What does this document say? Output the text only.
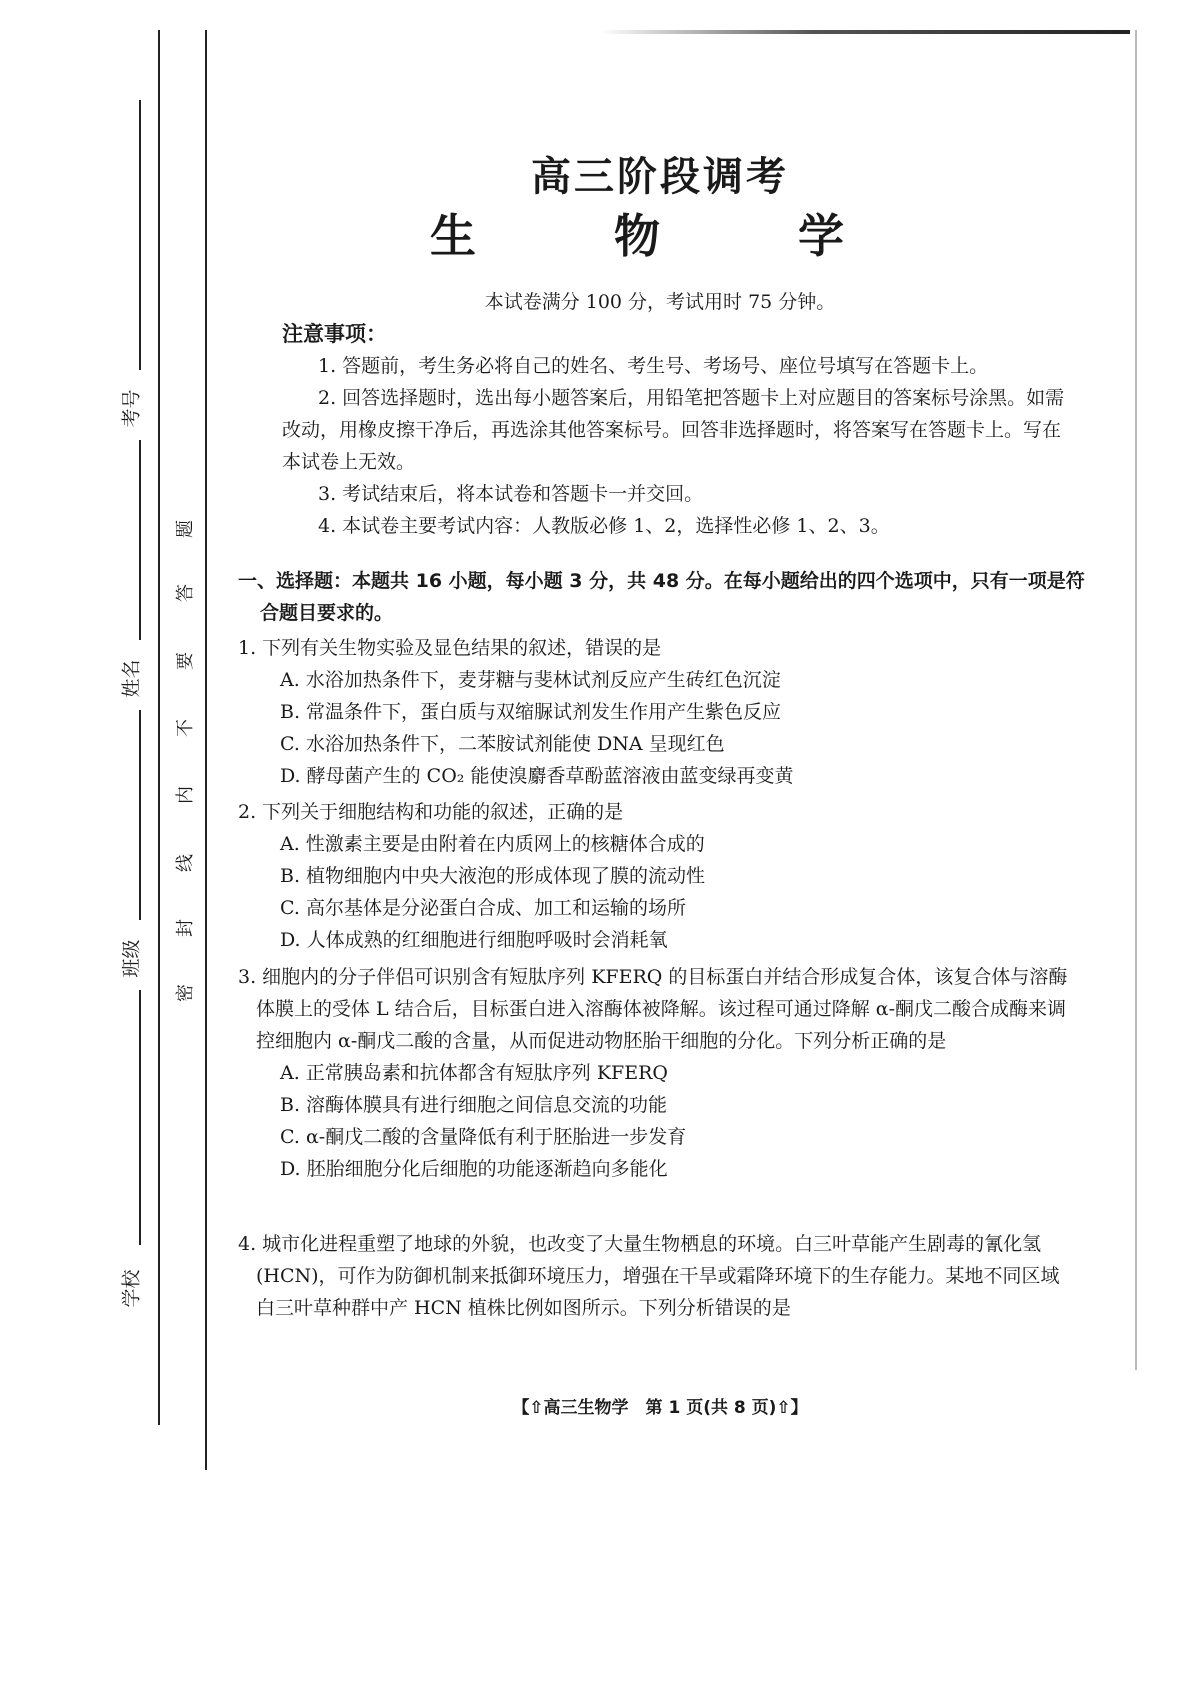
考号
姓名
班级
学校
题
答
要
不
内
线
封
密
高三阶段调考
生　物　学
本试卷满分 100 分，考试用时 75 分钟。
注意事项：

1. 答题前，考生务必将自己的姓名、考生号、考场号、座位号填写在答题卡上。

2. 回答选择题时，选出每小题答案后，用铅笔把答题卡上对应题目的答案标号涂黑。如需改动，用橡皮擦干净后，再选涂其他答案标号。回答非选择题时，将答案写在答题卡上。写在本试卷上无效。

3. 考试结束后，将本试卷和答题卡一并交回。

4. 本试卷主要考试内容：人教版必修 1、2，选择性必修 1、2、3。

一、选择题：本题共 16 小题，每小题 3 分，共 48 分。在每小题给出的四个选项中，只有一项是符合题目要求的。

1. 下列有关生物实验及显色结果的叙述，错误的是

A. 水浴加热条件下，麦芽糖与斐林试剂反应产生砖红色沉淀

B. 常温条件下，蛋白质与双缩脲试剂发生作用产生紫色反应

C. 水浴加热条件下，二苯胺试剂能使 DNA 呈现红色

D. 酵母菌产生的 CO₂ 能使溴麝香草酚蓝溶液由蓝变绿再变黄

2. 下列关于细胞结构和功能的叙述，正确的是

A. 性激素主要是由附着在内质网上的核糖体合成的

B. 植物细胞内中央大液泡的形成体现了膜的流动性

C. 高尔基体是分泌蛋白合成、加工和运输的场所

D. 人体成熟的红细胞进行细胞呼吸时会消耗氧

3. 细胞内的分子伴侣可识别含有短肽序列 KFERQ 的目标蛋白并结合形成复合体，该复合体与溶酶体膜上的受体 L 结合后，目标蛋白进入溶酶体被降解。该过程可通过降解 α-酮戊二酸合成酶来调控细胞内 α-酮戊二酸的含量，从而促进动物胚胎干细胞的分化。下列分析正确的是

A. 正常胰岛素和抗体都含有短肽序列 KFERQ

B. 溶酶体膜具有进行细胞之间信息交流的功能

C. α-酮戊二酸的含量降低有利于胚胎进一步发育

D. 胚胎细胞分化后细胞的功能逐渐趋向多能化

4. 城市化进程重塑了地球的外貌，也改变了大量生物栖息的环境。白三叶草能产生剧毒的氰化氢(HCN)，可作为防御机制来抵御环境压力，增强在干旱或霜降环境下的生存能力。某地不同区域白三叶草种群中产 HCN 植株比例如图所示。下列分析错误的是

【⇧高三生物学　第 1 页(共 8 页)⇧】
